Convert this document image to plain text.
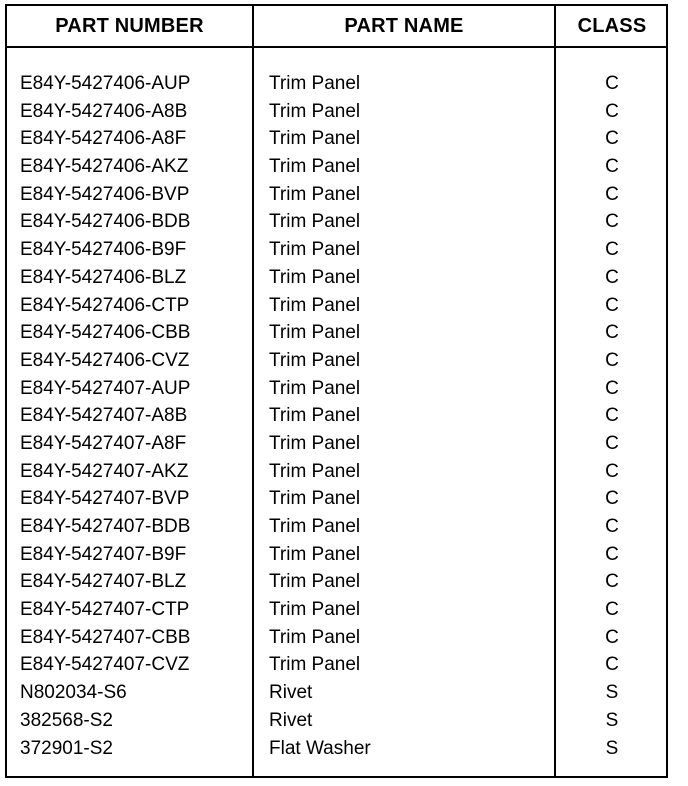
PART NUMBER	PART NAME	CLASS
E84Y-5427406-AUP	Trim Panel	C
E84Y-5427406-A8B	Trim Panel	C
E84Y-5427406-A8F	Trim Panel	C
E84Y-5427406-AKZ	Trim Panel	C
E84Y-5427406-BVP	Trim Panel	C
E84Y-5427406-BDB	Trim Panel	C
E84Y-5427406-B9F	Trim Panel	C
E84Y-5427406-BLZ	Trim Panel	C
E84Y-5427406-CTP	Trim Panel	C
E84Y-5427406-CBB	Trim Panel	C
E84Y-5427406-CVZ	Trim Panel	C
E84Y-5427407-AUP	Trim Panel	C
E84Y-5427407-A8B	Trim Panel	C
E84Y-5427407-A8F	Trim Panel	C
E84Y-5427407-AKZ	Trim Panel	C
E84Y-5427407-BVP	Trim Panel	C
E84Y-5427407-BDB	Trim Panel	C
E84Y-5427407-B9F	Trim Panel	C
E84Y-5427407-BLZ	Trim Panel	C
E84Y-5427407-CTP	Trim Panel	C
E84Y-5427407-CBB	Trim Panel	C
E84Y-5427407-CVZ	Trim Panel	C
N802034-S6	Rivet	S
382568-S2	Rivet	S
372901-S2	Flat Washer	S
